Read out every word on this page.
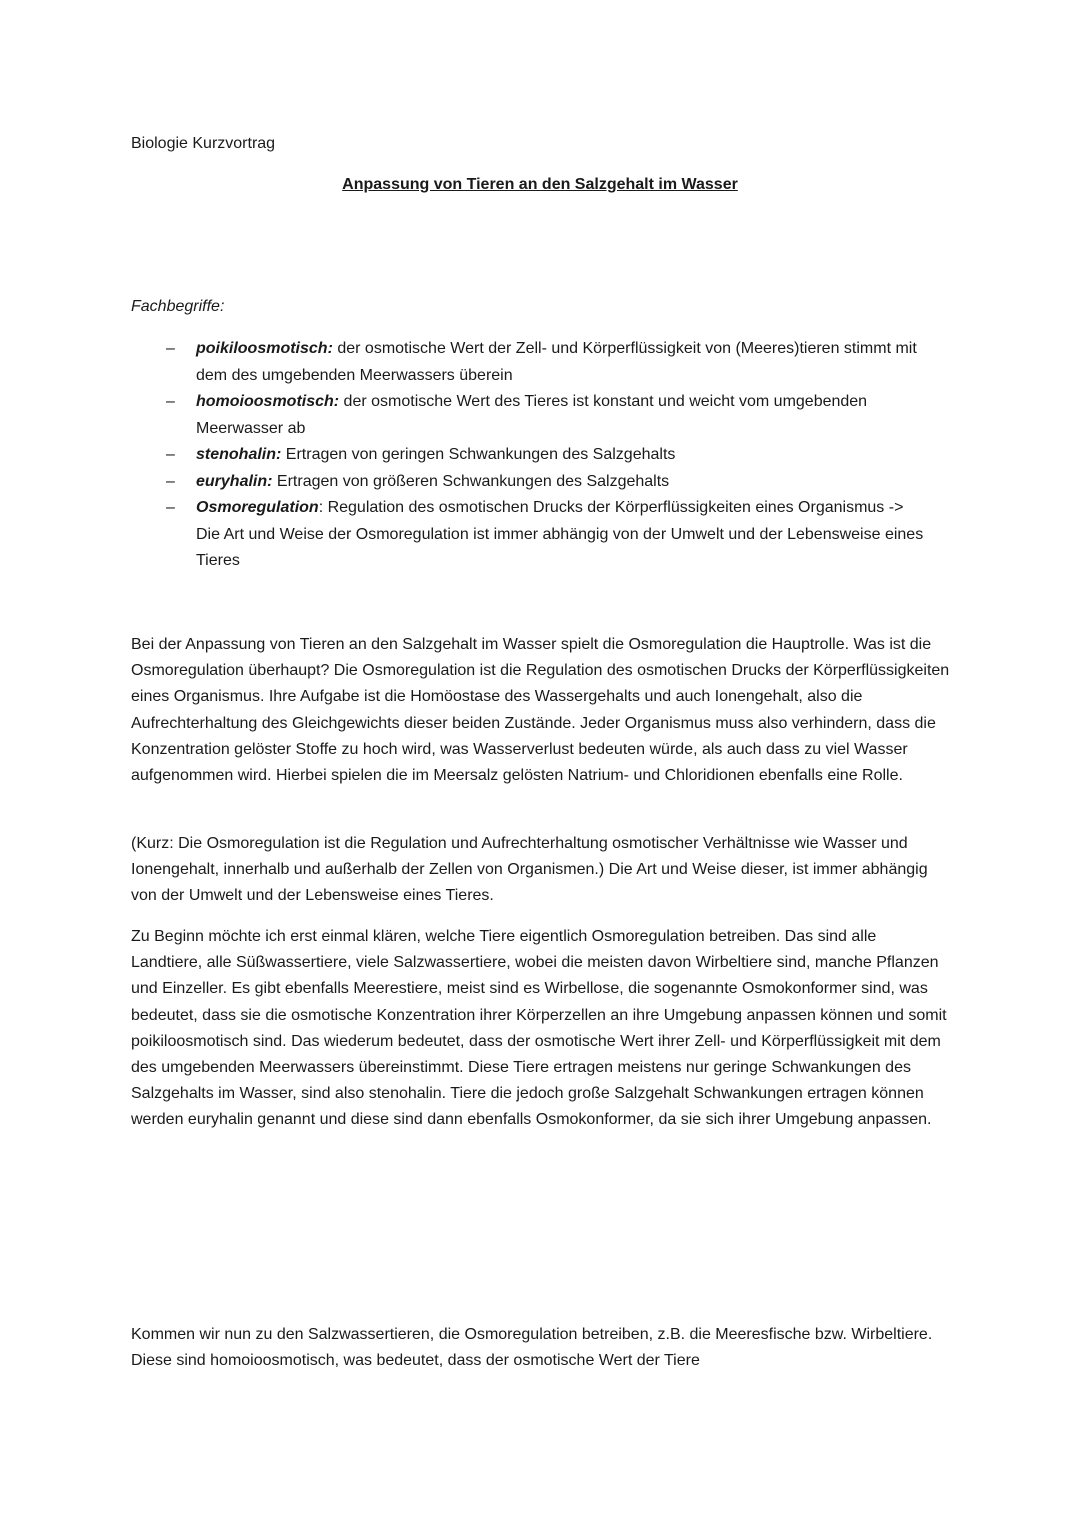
Biologie Kurzvortrag
Anpassung von Tieren an den Salzgehalt im Wasser
Fachbegriffe:
– poikiloosmotisch: der osmotische Wert der Zell- und Körperflüssigkeit von (Meeres)tieren stimmt mit dem des umgebenden Meerwassers überein
– homoioosmotisch: der osmotische Wert des Tieres ist konstant und weicht vom umgebenden Meerwasser ab
– stenohalin: Ertragen von geringen Schwankungen des Salzgehalts
– euryhalin: Ertragen von größeren Schwankungen des Salzgehalts
– Osmoregulation: Regulation des osmotischen Drucks der Körperflüssigkeiten eines Organismus -> Die Art und Weise der Osmoregulation ist immer abhängig von der Umwelt und der Lebensweise eines Tieres

Bei der Anpassung von Tieren an den Salzgehalt im Wasser spielt die Osmoregulation die Hauptrolle. Was ist die Osmoregulation überhaupt? Die Osmoregulation ist die Regulation des osmotischen Drucks der Körperflüssigkeiten eines Organismus. Ihre Aufgabe ist die Homöostase des Wassergehalts und auch Ionengehalt, also die Aufrechterhaltung des Gleichgewichts dieser beiden Zustände. Jeder Organismus muss also verhindern, dass die Konzentration gelöster Stoffe zu hoch wird, was Wasserverlust bedeuten würde, als auch dass zu viel Wasser aufgenommen wird. Hierbei spielen die im Meersalz gelösten Natrium- und Chloridionen ebenfalls eine Rolle.

(Kurz: Die Osmoregulation ist die Regulation und Aufrechterhaltung osmotischer Verhältnisse wie Wasser und Ionengehalt, innerhalb und außerhalb der Zellen von Organismen.) Die Art und Weise dieser, ist immer abhängig von der Umwelt und der Lebensweise eines Tieres.

Zu Beginn möchte ich erst einmal klären, welche Tiere eigentlich Osmoregulation betreiben. Das sind alle Landtiere, alle Süßwassertiere, viele Salzwassertiere, wobei die meisten davon Wirbeltiere sind, manche Pflanzen und Einzeller. Es gibt ebenfalls Meerestiere, meist sind es Wirbellose, die sogenannte Osmokonformer sind, was bedeutet, dass sie die osmotische Konzentration ihrer Körperzellen an ihre Umgebung anpassen können und somit poikiloosmotisch sind. Das wiederum bedeutet, dass der osmotische Wert ihrer Zell- und Körperflüssigkeit mit dem des umgebenden Meerwassers übereinstimmt. Diese Tiere ertragen meistens nur geringe Schwankungen des Salzgehalts im Wasser, sind also stenohalin. Tiere die jedoch große Salzgehalt Schwankungen ertragen können werden euryhalin genannt und diese sind dann ebenfalls Osmokonformer, da sie sich ihrer Umgebung anpassen.

Kommen wir nun zu den Salzwassertieren, die Osmoregulation betreiben, z.B. die Meeresfische bzw. Wirbeltiere. Diese sind homoioosmotisch, was bedeutet, dass der osmotische Wert der Tiere
